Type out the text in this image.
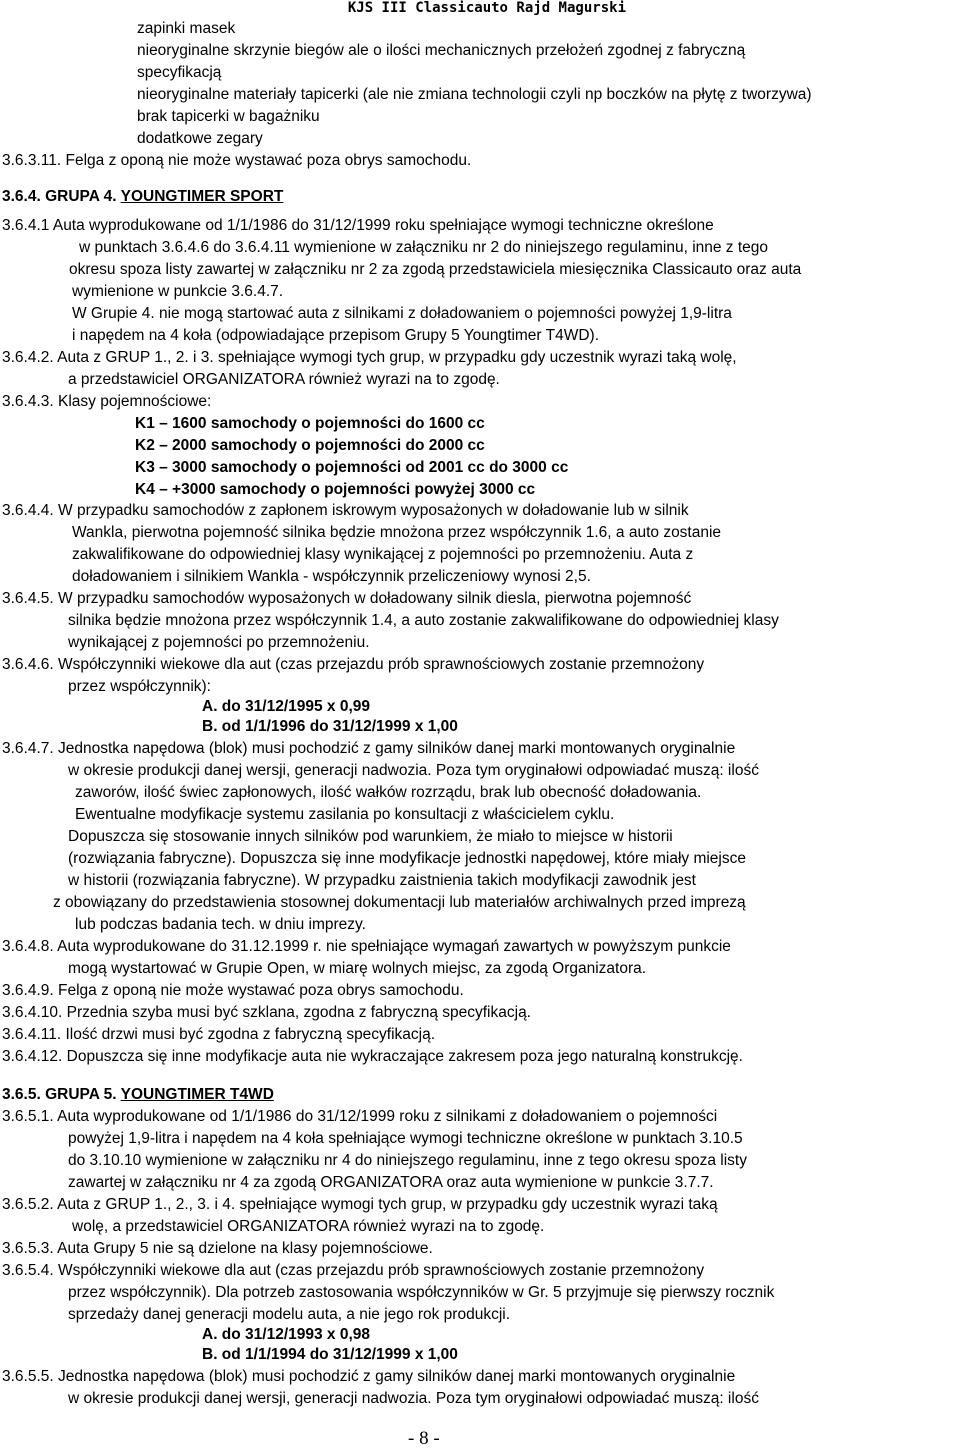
KJS III Classicauto Rajd Magurski
zapinki masek
nieoryginalne skrzynie biegów ale o ilości mechanicznych przełożeń zgodnej z fabryczną
specyfikacją
nieoryginalne materiały tapicerki (ale nie zmiana technologii czyli np boczków na płytę z tworzywa)
brak tapicerki w bagażniku
dodatkowe zegary
3.6.3.11. Felga z oponą nie może wystawać poza obrys samochodu.
3.6.4. GRUPA 4. YOUNGTIMER SPORT
3.6.4.1 Auta wyprodukowane od 1/1/1986 do 31/12/1999 roku spełniające wymogi techniczne określone
w punktach 3.6.4.6 do 3.6.4.11 wymienione w załączniku nr 2 do niniejszego regulaminu, inne z tego
okresu spoza listy zawartej w załączniku nr 2 za zgodą przedstawiciela miesięcznika Classicauto oraz auta
wymienione w punkcie 3.6.4.7.
W Grupie 4. nie mogą startować auta z silnikami z doładowaniem o pojemności powyżej 1,9-litra
i napędem na 4 koła (odpowiadające przepisom Grupy 5 Youngtimer T4WD).
3.6.4.2. Auta z GRUP 1., 2. i 3. spełniające wymogi tych grup, w przypadku gdy uczestnik wyrazi taką wolę,
a przedstawiciel ORGANIZATORA również wyrazi na to zgodę.
3.6.4.3. Klasy pojemnościowe:
K1 – 1600 samochody o pojemności do 1600 cc
K2 – 2000 samochody o pojemności do 2000 cc
K3 – 3000 samochody o pojemności od 2001 cc do 3000 cc
K4 – +3000 samochody o pojemności powyżej 3000 cc
3.6.4.4. W przypadku samochodów z zapłonem iskrowym wyposażonych w doładowanie lub w silnik
Wankla, pierwotna pojemność silnika będzie mnożona przez współczynnik 1.6, a auto zostanie
zakwalifikowane do odpowiedniej klasy wynikającej z pojemności po przemnożeniu. Auta z
doładowaniem i silnikiem Wankla - współczynnik przeliczeniowy wynosi 2,5.
3.6.4.5. W przypadku samochodów wyposażonych w doładowany silnik diesla, pierwotna pojemność
silnika będzie mnożona przez współczynnik 1.4, a auto zostanie zakwalifikowane do odpowiedniej klasy
wynikającej z pojemności po przemnożeniu.
3.6.4.6. Współczynniki wiekowe dla aut (czas przejazdu prób sprawnościowych zostanie przemnożony
przez współczynnik):
A. do 31/12/1995 x 0,99
B. od 1/1/1996 do 31/12/1999 x 1,00
3.6.4.7. Jednostka napędowa (blok) musi pochodzić z gamy silników danej marki montowanych oryginalnie
w okresie produkcji danej wersji, generacji nadwozia. Poza tym oryginałowi odpowiadać muszą: ilość
zaworów, ilość świec zapłonowych, ilość wałków rozrządu, brak lub obecność doładowania.
Ewentualne modyfikacje systemu zasilania po konsultacji z właścicielem cyklu.
Dopuszcza się stosowanie innych silników pod warunkiem, że miało to miejsce w historii
(rozwiązania fabryczne). Dopuszcza się inne modyfikacje jednostki napędowej, które miały miejsce
w historii (rozwiązania fabryczne). W przypadku zaistnienia takich modyfikacji zawodnik jest
z obowiązany do przedstawienia stosownej dokumentacji lub materiałów archiwalnych przed imprezą
lub podczas badania tech. w dniu imprezy.
3.6.4.8. Auta wyprodukowane do 31.12.1999 r. nie spełniające wymagań zawartych w powyższym punkcie
mogą wystartować w Grupie Open, w miarę wolnych miejsc, za zgodą Organizatora.
3.6.4.9. Felga z oponą nie może wystawać poza obrys samochodu.
3.6.4.10. Przednia szyba musi być szklana, zgodna z fabryczną specyfikacją.
3.6.4.11. Ilość drzwi musi być zgodna z fabryczną specyfikacją.
3.6.4.12. Dopuszcza się inne modyfikacje auta nie wykraczające zakresem poza jego naturalną konstrukcję.
3.6.5. GRUPA 5. YOUNGTIMER T4WD
3.6.5.1. Auta wyprodukowane od 1/1/1986 do 31/12/1999 roku z silnikami z doładowaniem o pojemności
powyżej 1,9-litra i napędem na 4 koła spełniające wymogi techniczne określone w punktach 3.10.5
do 3.10.10 wymienione w załączniku nr 4 do niniejszego regulaminu, inne z tego okresu spoza listy
zawartej w załączniku nr 4 za zgodą ORGANIZATORA oraz auta wymienione w punkcie 3.7.7.
3.6.5.2. Auta z GRUP 1., 2., 3. i 4. spełniające wymogi tych grup, w przypadku gdy uczestnik wyrazi taką
wolę, a przedstawiciel ORGANIZATORA również wyrazi na to zgodę.
3.6.5.3. Auta Grupy 5 nie są dzielone na klasy pojemnościowe.
3.6.5.4. Współczynniki wiekowe dla aut (czas przejazdu prób sprawnościowych zostanie przemnożony
przez współczynnik). Dla potrzeb zastosowania współczynników w Gr. 5 przyjmuje się pierwszy rocznik
sprzedaży danej generacji modelu auta, a nie jego rok produkcji.
A. do 31/12/1993 x 0,98
B. od 1/1/1994 do 31/12/1999 x 1,00
3.6.5.5. Jednostka napędowa (blok) musi pochodzić z gamy silników danej marki montowanych oryginalnie
w okresie produkcji danej wersji, generacji nadwozia. Poza tym oryginałowi odpowiadać muszą: ilość
- 8 -
